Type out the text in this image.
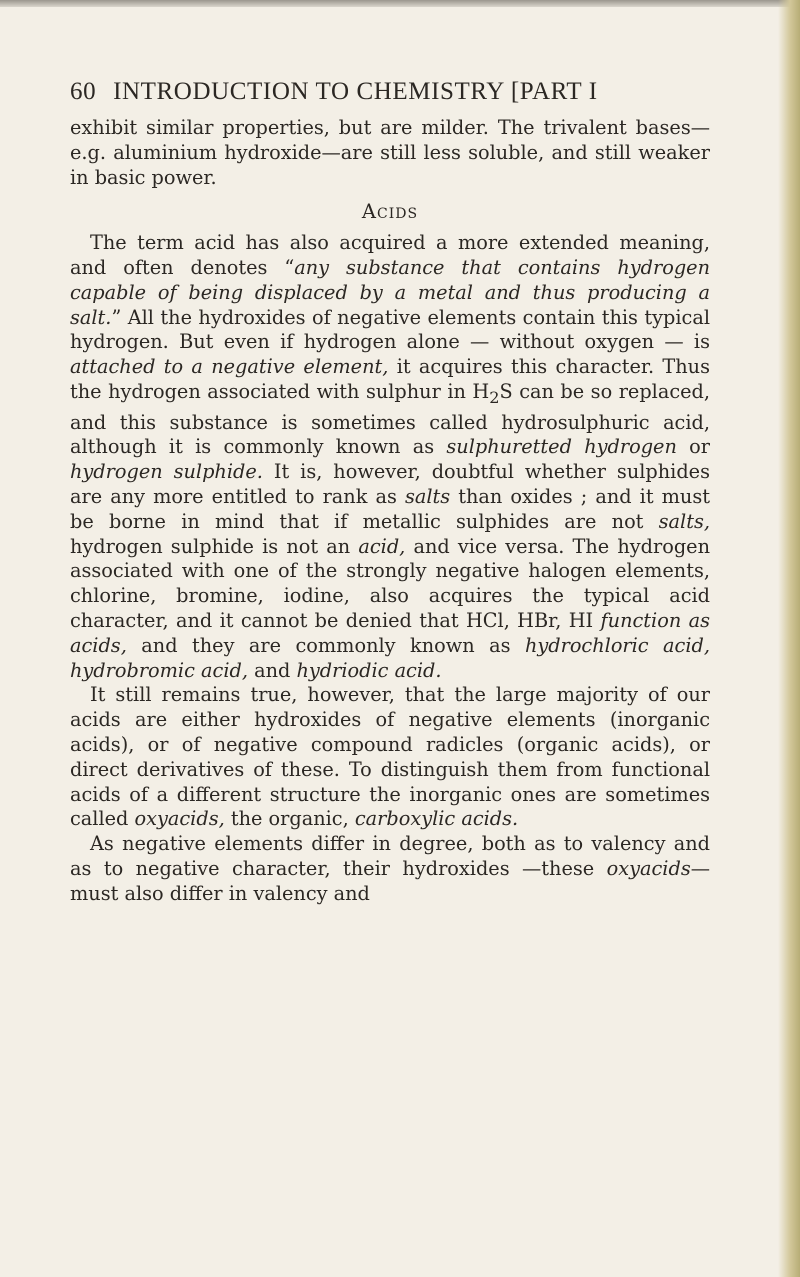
60 INTRODUCTION TO CHEMISTRY [PART I

exhibit similar properties, but are milder. The trivalent bases—e.g. aluminium hydroxide—are still less soluble, and still weaker in basic power.

Acids

The term acid has also acquired a more extended meaning, and often denotes “any substance that contains hydrogen capable of being displaced by a metal and thus producing a salt.” All the hydroxides of negative elements contain this typical hydrogen. But even if hydrogen alone — without oxygen — is attached to a negative element, it acquires this character. Thus the hydrogen associated with sulphur in $H_2S$ can be so replaced, and this substance is sometimes called hydrosulphuric acid, although it is commonly known as sulphuretted hydrogen or hydrogen sulphide. It is, however, doubtful whether sulphides are any more entitled to rank as salts than oxides ; and it must be borne in mind that if metallic sulphides are not salts, hydrogen sulphide is not an acid, and vice versa. The hydrogen associated with one of the strongly negative halogen elements, chlorine, bromine, iodine, also acquires the typical acid character, and it cannot be denied that HCl, HBr, HI function as acids, and they are commonly known as hydrochloric acid, hydrobromic acid, and hydriodic acid.

It still remains true, however, that the large majority of our acids are either hydroxides of negative elements (inorganic acids), or of negative compound radicles (organic acids), or direct derivatives of these. To distinguish them from functional acids of a different structure the inorganic ones are sometimes called oxyacids, the organic, carboxylic acids.

As negative elements differ in degree, both as to valency and as to negative character, their hydroxides —these oxyacids—must also differ in valency and
